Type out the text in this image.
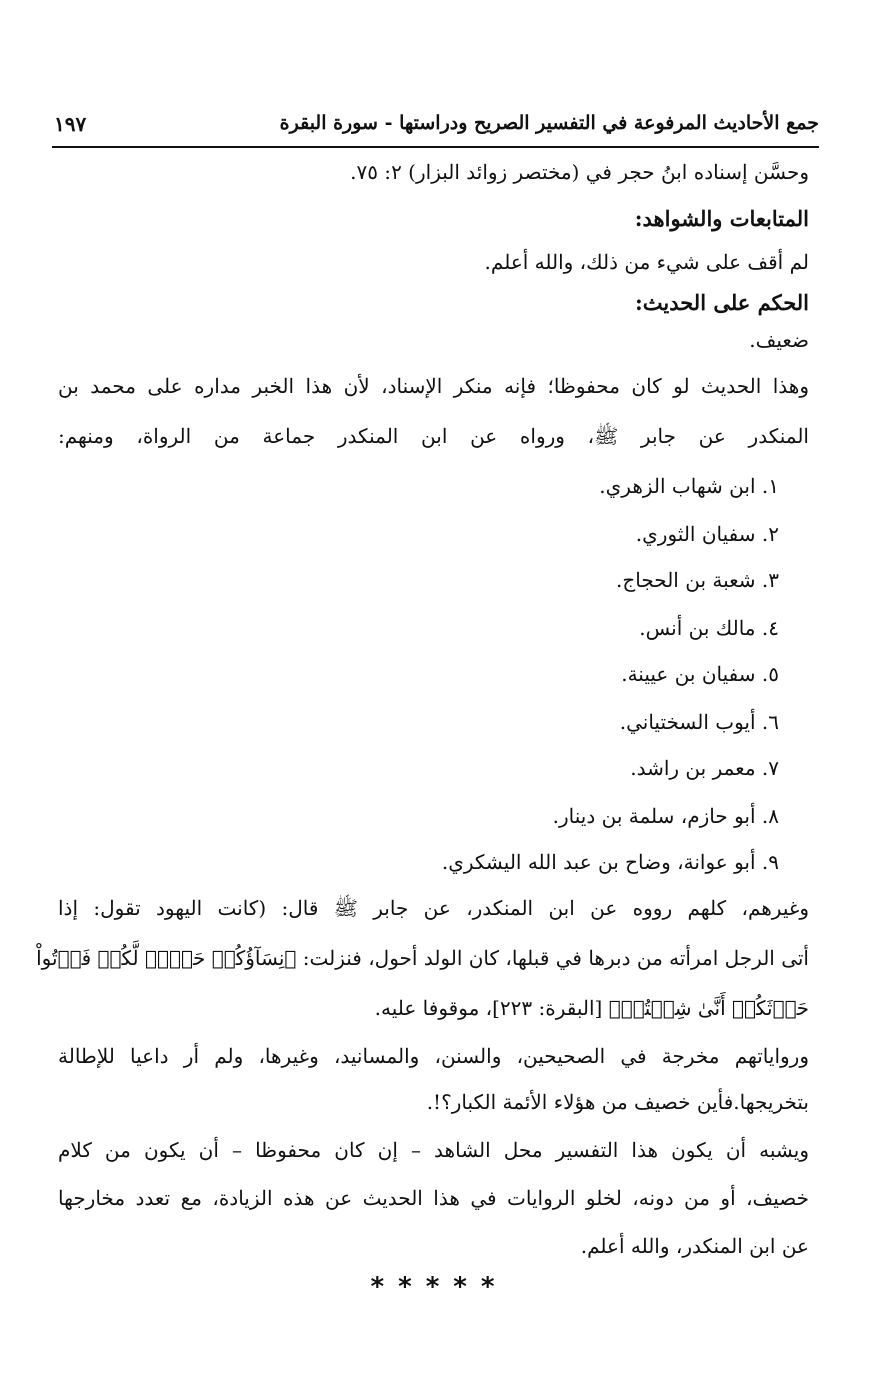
جمع الأحاديث المرفوعة في التفسير الصريح ودراستها - سورة البقرة
١٩٧
وحسَّن إسناده ابنُ حجر في (مختصر زوائد البزار) ٢: ٧٥.
المتابعات والشواهد:
لم أقف على شيء من ذلك، والله أعلم.
الحكم على الحديث:
ضعيف.
وهذا الحديث لو كان محفوظا؛ فإنه منكر الإسناد، لأن هذا الخبر مداره على محمد بن
المنكدر عن جابر ﷺ، ورواه عن ابن المنكدر جماعة من الرواة، ومنهم:
١. ابن شهاب الزهري.
٢. سفيان الثوري.
٣. شعبة بن الحجاج.
٤. مالك بن أنس.
٥. سفيان بن عيينة.
٦. أيوب السختياني.
٧. معمر بن راشد.
٨. أبو حازم، سلمة بن دينار.
٩. أبو عوانة، وضاح بن عبد الله اليشكري.
وغيرهم، كلهم رووه عن ابن المنكدر، عن جابر ﷺ قال: (كانت اليهود تقول: إذا
أتى الرجل امرأته من دبرها في قبلها، كان الولد أحول، فنزلت: ﴿نِسَآؤُكُمۡ حَرۡثٞ لَّكُمۡ فَأۡتُواْ
حَرۡثَكُمۡ أَنَّىٰ شِئۡتُمۡ﴾ [البقرة: ٢٢٣]، موقوفا عليه.
ورواياتهم مخرجة في الصحيحين، والسنن، والمسانيد، وغيرها، ولم أر داعيا للإطالة
بتخريجها.فأين خصيف من هؤلاء الأئمة الكبار؟!.
ويشبه أن يكون هذا التفسير محل الشاهد – إن كان محفوظا – أن يكون من كلام
خصيف، أو من دونه، لخلو الروايات في هذا الحديث عن هذه الزيادة، مع تعدد مخارجها
عن ابن المنكدر، والله أعلم.
*****
